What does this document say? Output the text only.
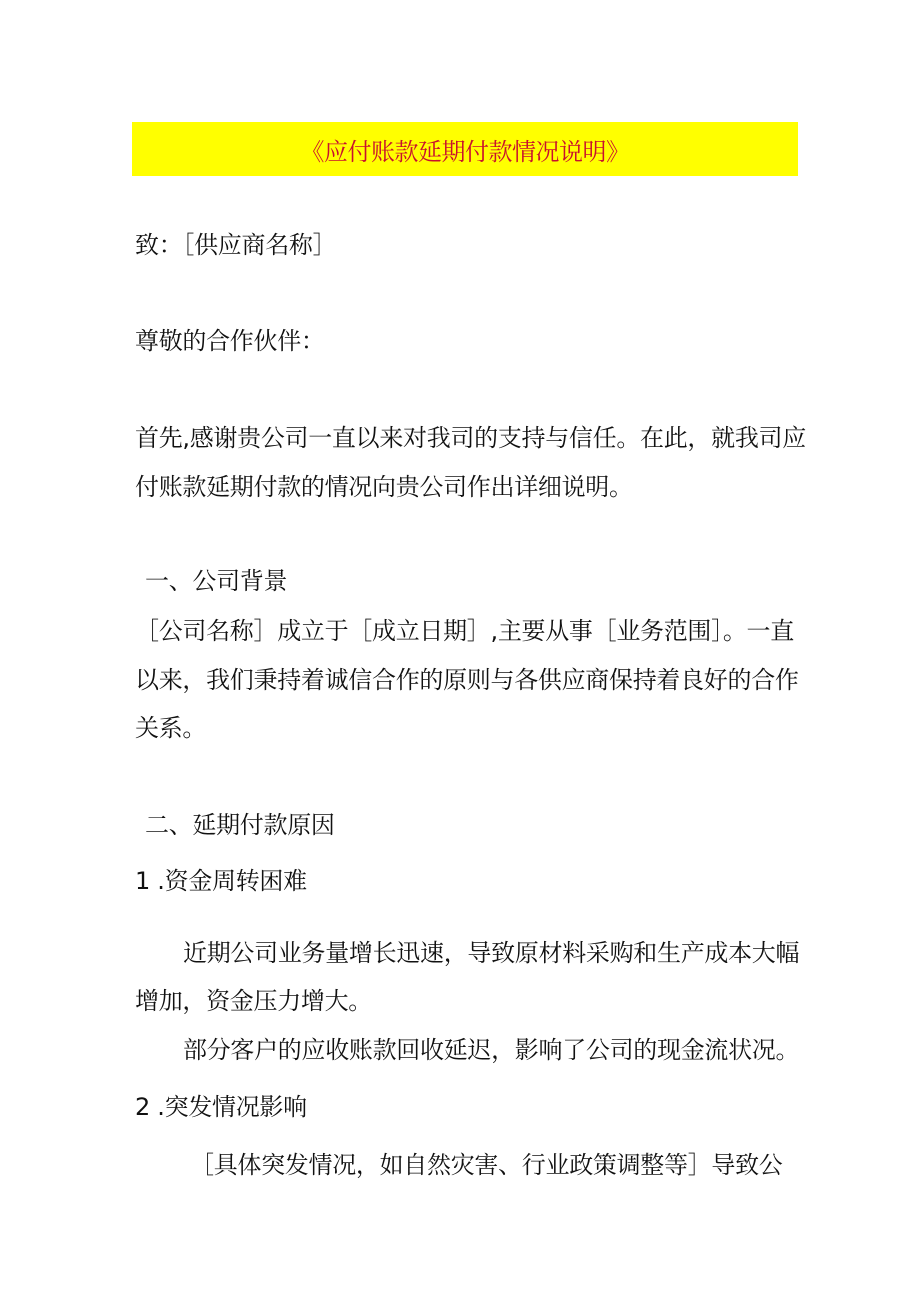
《应付账款延期付款情况说明》
致：［供应商名称］
尊敬的合作伙伴：
首先,感谢贵公司一直以来对我司的支持与信任。在此，就我司应
付账款延期付款的情况向贵公司作出详细说明。
一、公司背景
［公司名称］成立于［成立日期］,主要从事［业务范围］。一直
以来，我们秉持着诚信合作的原则与各供应商保持着良好的合作
关系。
二、延期付款原因
1 .资金周转困难
近期公司业务量增长迅速，导致原材料采购和生产成本大幅
增加，资金压力增大。
部分客户的应收账款回收延迟，影响了公司的现金流状况。
2 .突发情况影响
［具体突发情况，如自然灾害、行业政策调整等］导致公
